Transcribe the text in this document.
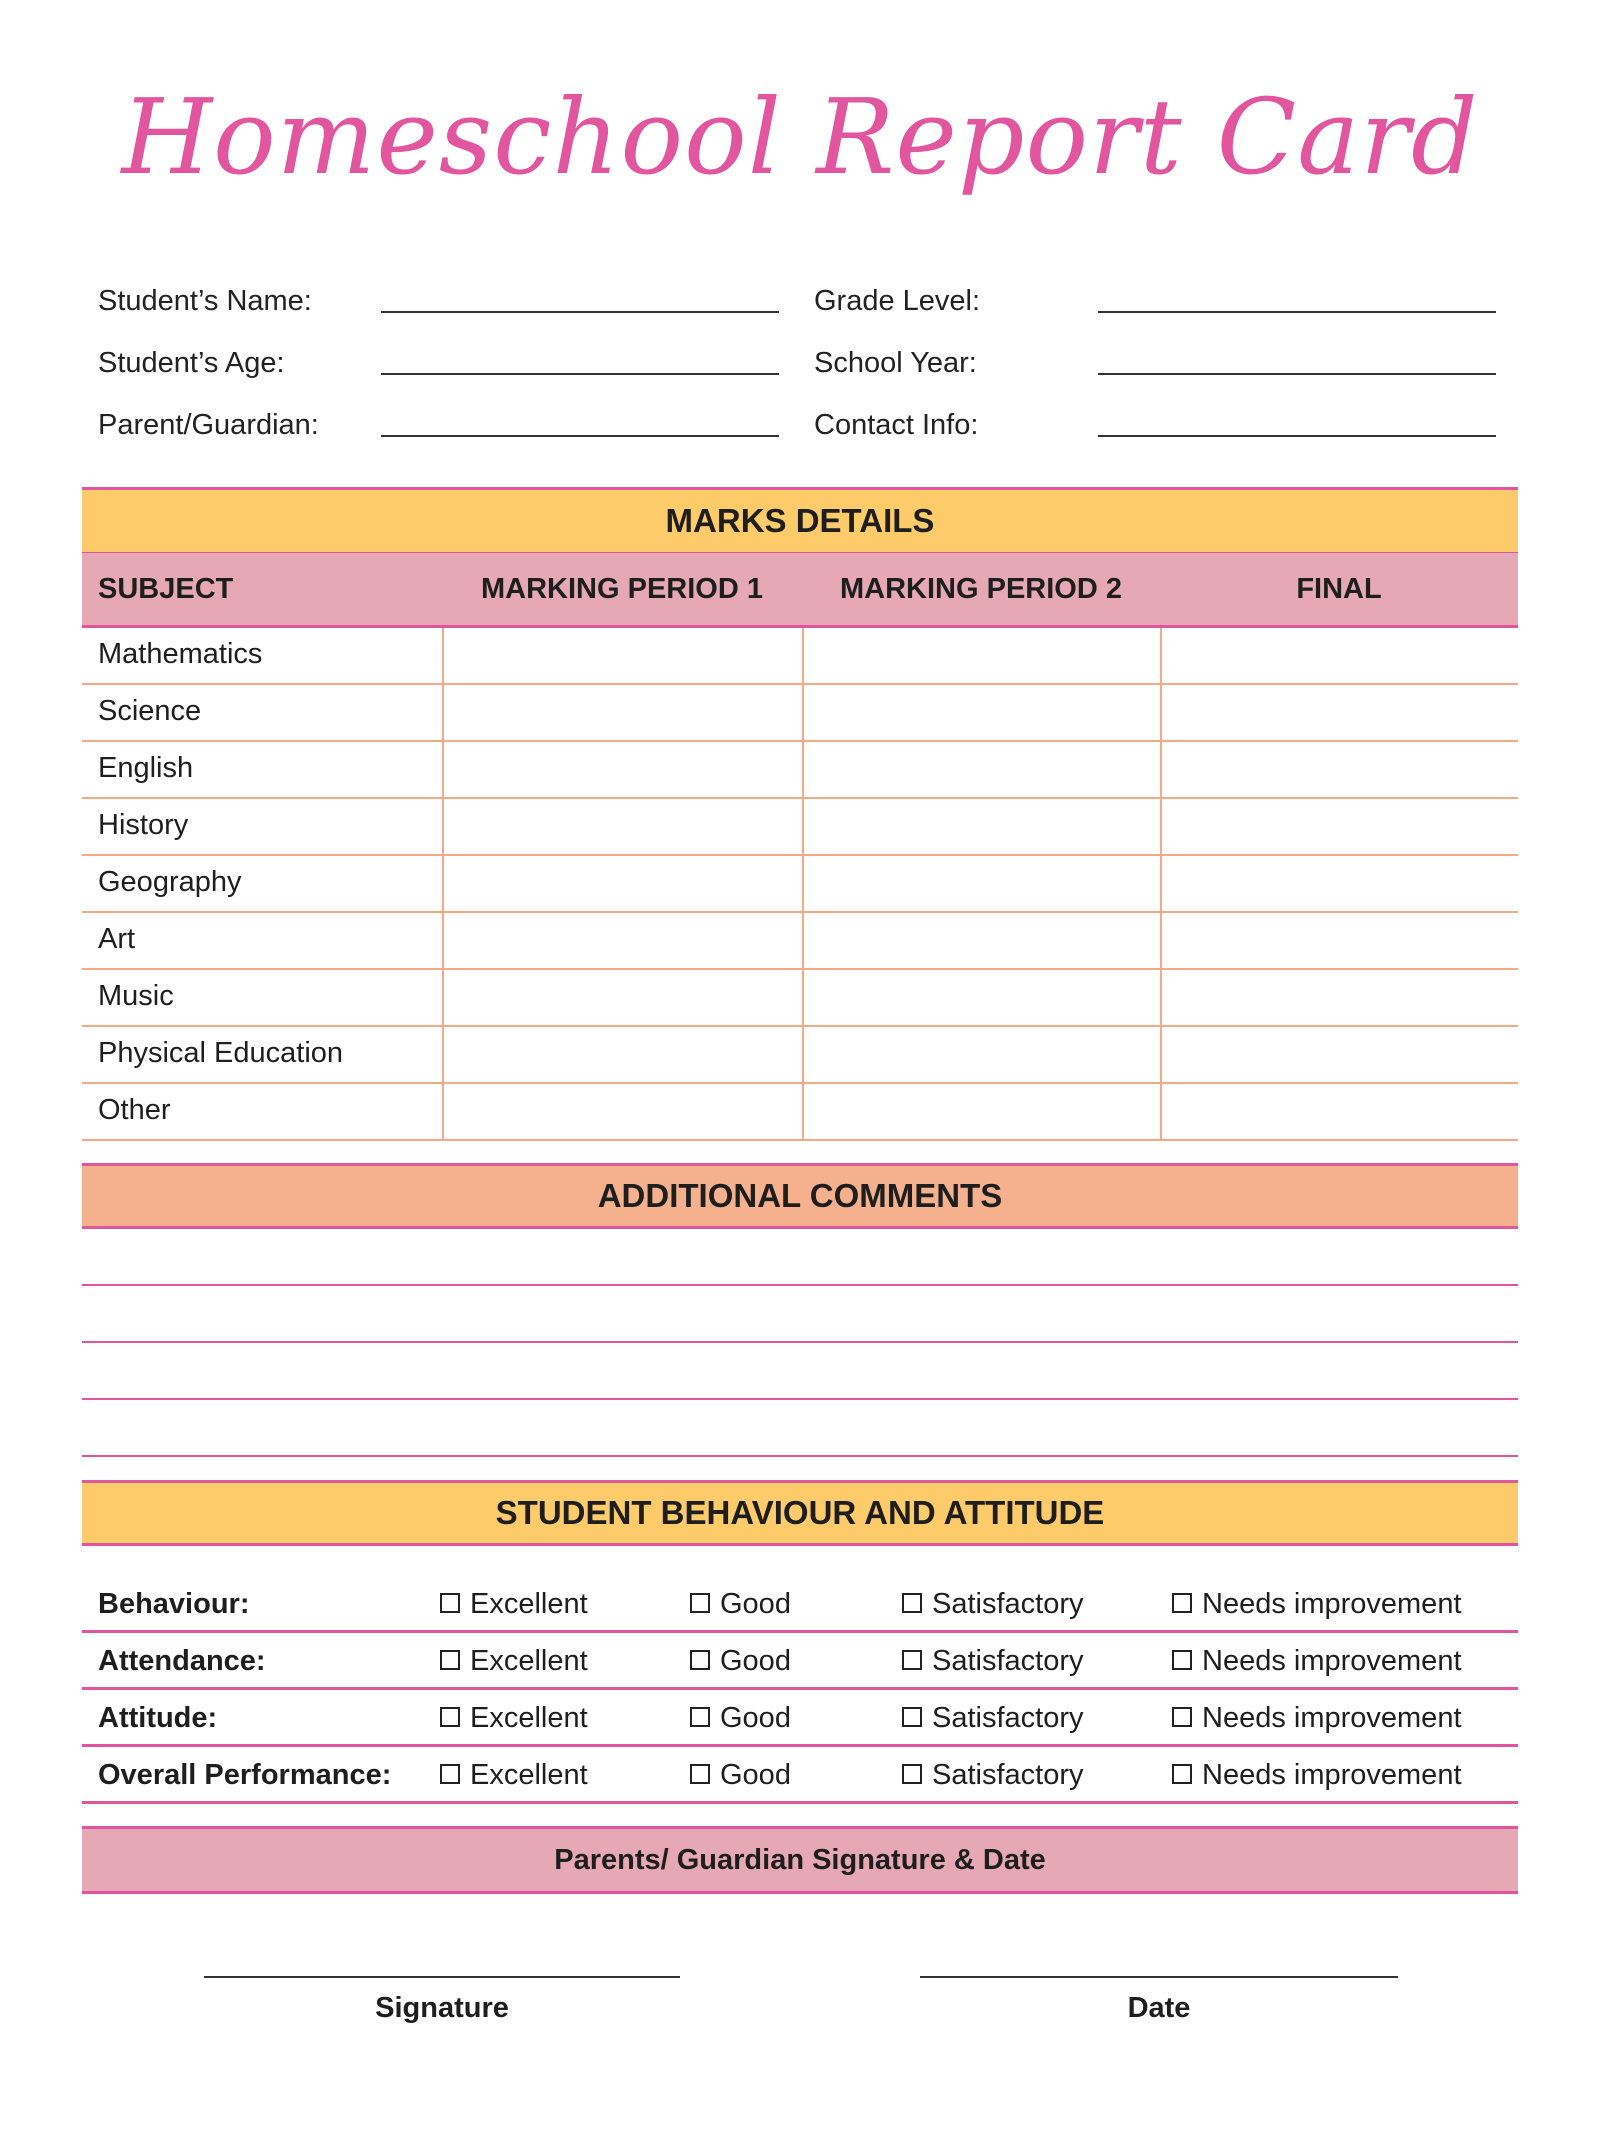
Homeschool Report Card
Student’s Name:
Student’s Age:
Parent/Guardian:
Grade Level:
School Year:
Contact Info:
MARKS DETAILS
SUBJECT	MARKING PERIOD 1	MARKING PERIOD 2	FINAL
Mathematics
Science
English
History
Geography
Art
Music
Physical Education
Other
ADDITIONAL COMMENTS
STUDENT BEHAVIOUR AND ATTITUDE
Behaviour:	Excellent	Good	Satisfactory	Needs improvement
Attendance:	Excellent	Good	Satisfactory	Needs improvement
Attitude:	Excellent	Good	Satisfactory	Needs improvement
Overall Performance:	Excellent	Good	Satisfactory	Needs improvement
Parents/ Guardian Signature & Date
Signature	Date
